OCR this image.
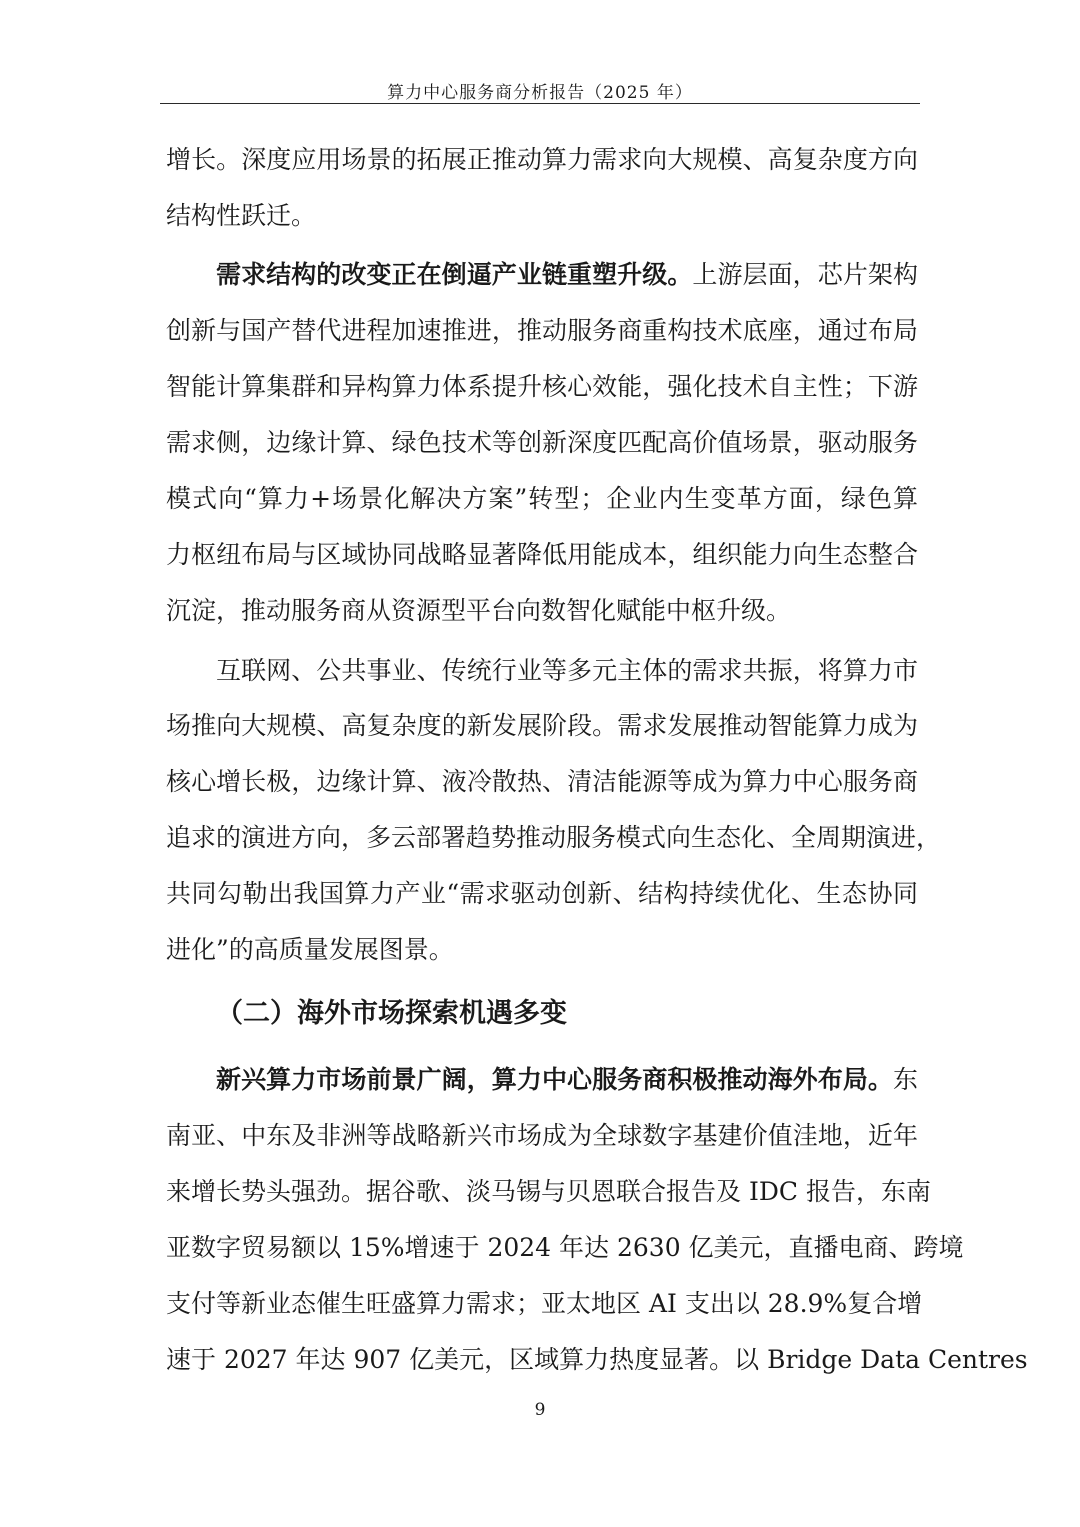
算力中心服务商分析报告（2025 年）
增长。深度应用场景的拓展正推动算力需求向大规模、高复杂度方向
结构性跃迁。
需求结构的改变正在倒逼产业链重塑升级。上游层面，芯片架构
创新与国产替代进程加速推进，推动服务商重构技术底座，通过布局
智能计算集群和异构算力体系提升核心效能，强化技术自主性；下游
需求侧，边缘计算、绿色技术等创新深度匹配高价值场景，驱动服务
模式向“算力+场景化解决方案”转型；企业内生变革方面，绿色算
力枢纽布局与区域协同战略显著降低用能成本，组织能力向生态整合
沉淀，推动服务商从资源型平台向数智化赋能中枢升级。
互联网、公共事业、传统行业等多元主体的需求共振，将算力市
场推向大规模、高复杂度的新发展阶段。需求发展推动智能算力成为
核心增长极，边缘计算、液冷散热、清洁能源等成为算力中心服务商
追求的演进方向，多云部署趋势推动服务模式向生态化、全周期演进，
共同勾勒出我国算力产业“需求驱动创新、结构持续优化、生态协同
进化”的高质量发展图景。
（二）海外市场探索机遇多变
新兴算力市场前景广阔，算力中心服务商积极推动海外布局。东
南亚、中东及非洲等战略新兴市场成为全球数字基建价值洼地，近年
来增长势头强劲。据谷歌、淡马锡与贝恩联合报告及 IDC 报告，东南
亚数字贸易额以 15%增速于 2024 年达 2630 亿美元，直播电商、跨境
支付等新业态催生旺盛算力需求；亚太地区 AI 支出以 28.9%复合增
速于 2027 年达 907 亿美元，区域算力热度显著。以 Bridge Data Centres
9
